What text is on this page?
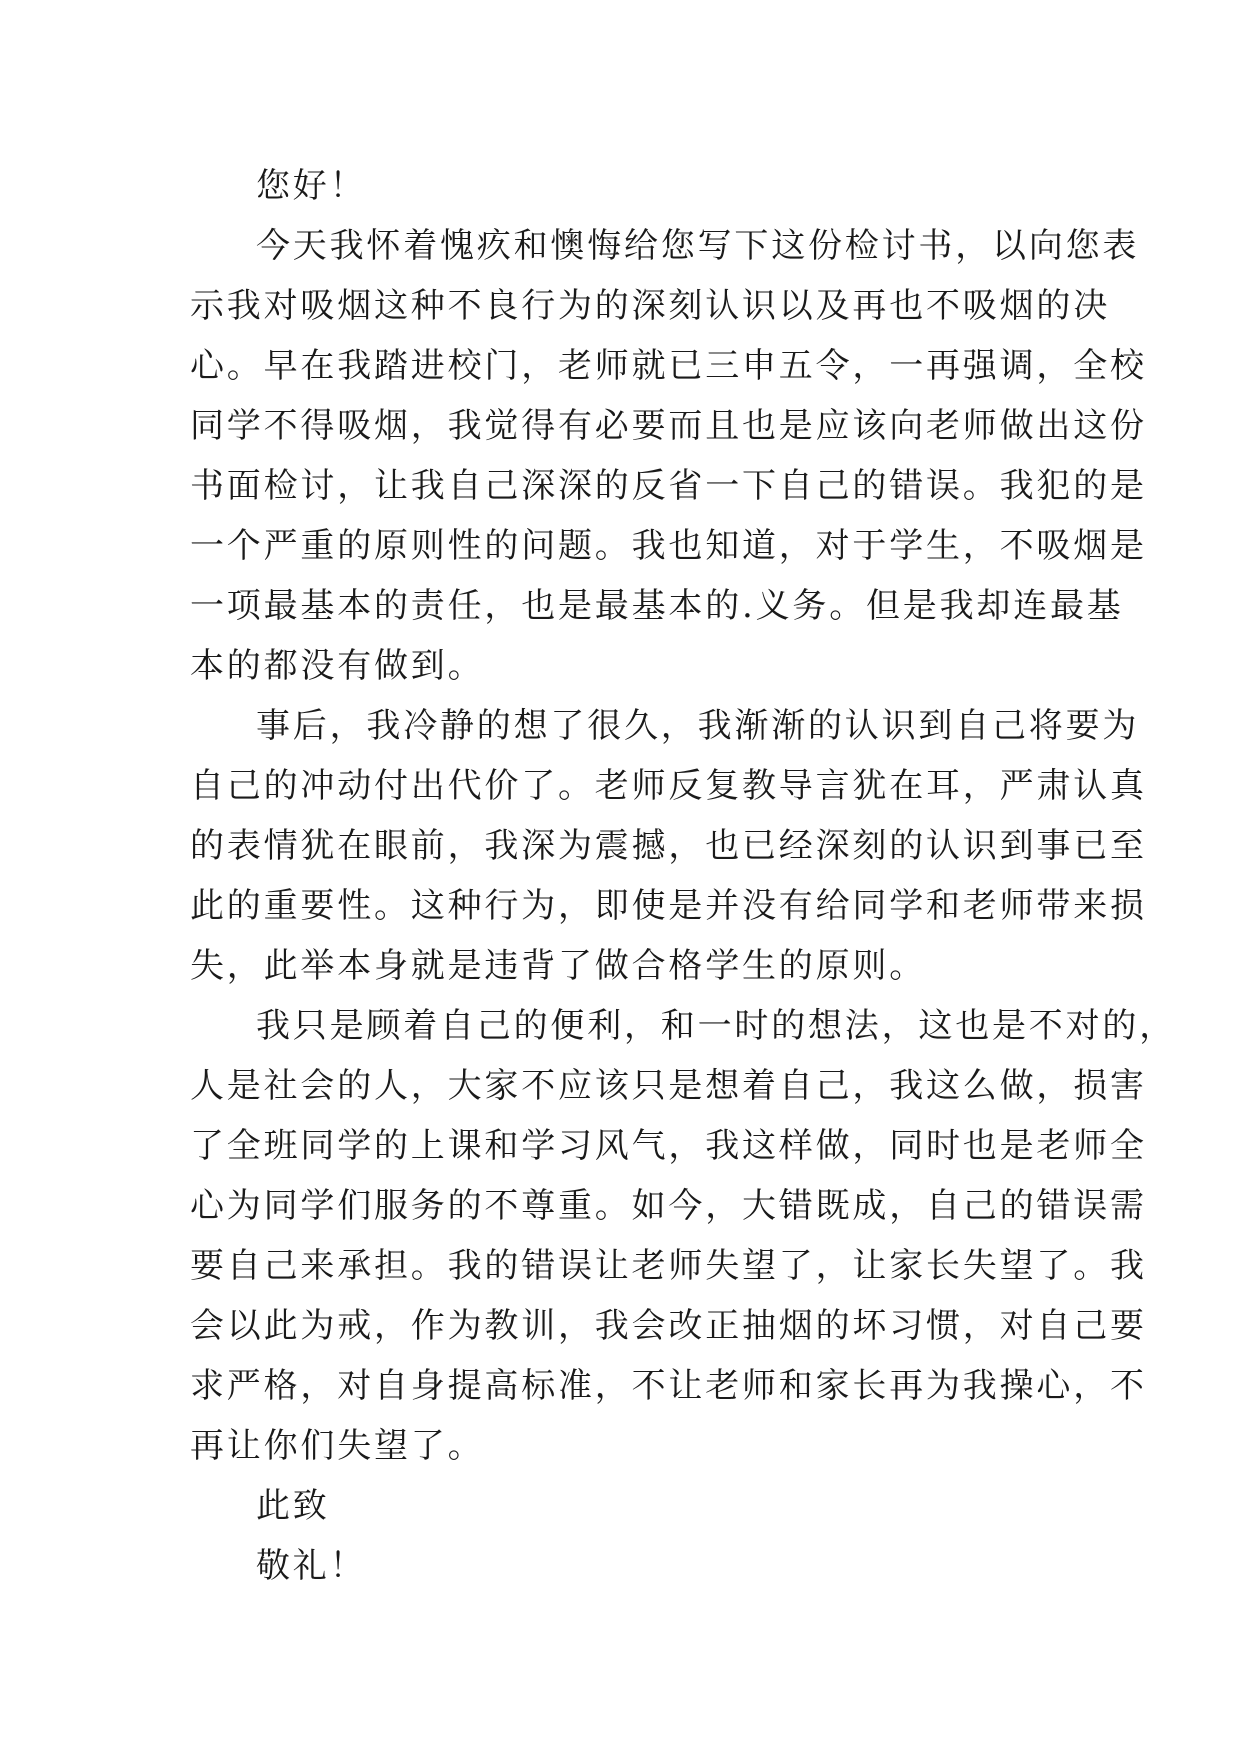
您好！
今天我怀着愧疚和懊悔给您写下这份检讨书，以向您表
示我对吸烟这种不良行为的深刻认识以及再也不吸烟的决
心。早在我踏进校门，老师就已三申五令，一再强调，全校
同学不得吸烟，我觉得有必要而且也是应该向老师做出这份
书面检讨，让我自己深深的反省一下自己的错误。我犯的是
一个严重的原则性的问题。我也知道，对于学生，不吸烟是
一项最基本的责任，也是最基本的.义务。但是我却连最基
本的都没有做到。
事后，我冷静的想了很久，我渐渐的认识到自己将要为
自己的冲动付出代价了。老师反复教导言犹在耳，严肃认真
的表情犹在眼前，我深为震撼，也已经深刻的认识到事已至
此的重要性。这种行为，即使是并没有给同学和老师带来损
失，此举本身就是违背了做合格学生的原则。
我只是顾着自己的便利，和一时的想法，这也是不对的，
人是社会的人，大家不应该只是想着自己，我这么做，损害
了全班同学的上课和学习风气，我这样做，同时也是老师全
心为同学们服务的不尊重。如今，大错既成，自己的错误需
要自己来承担。我的错误让老师失望了，让家长失望了。我
会以此为戒，作为教训，我会改正抽烟的坏习惯，对自己要
求严格，对自身提高标准，不让老师和家长再为我操心，不
再让你们失望了。
此致
敬礼！
